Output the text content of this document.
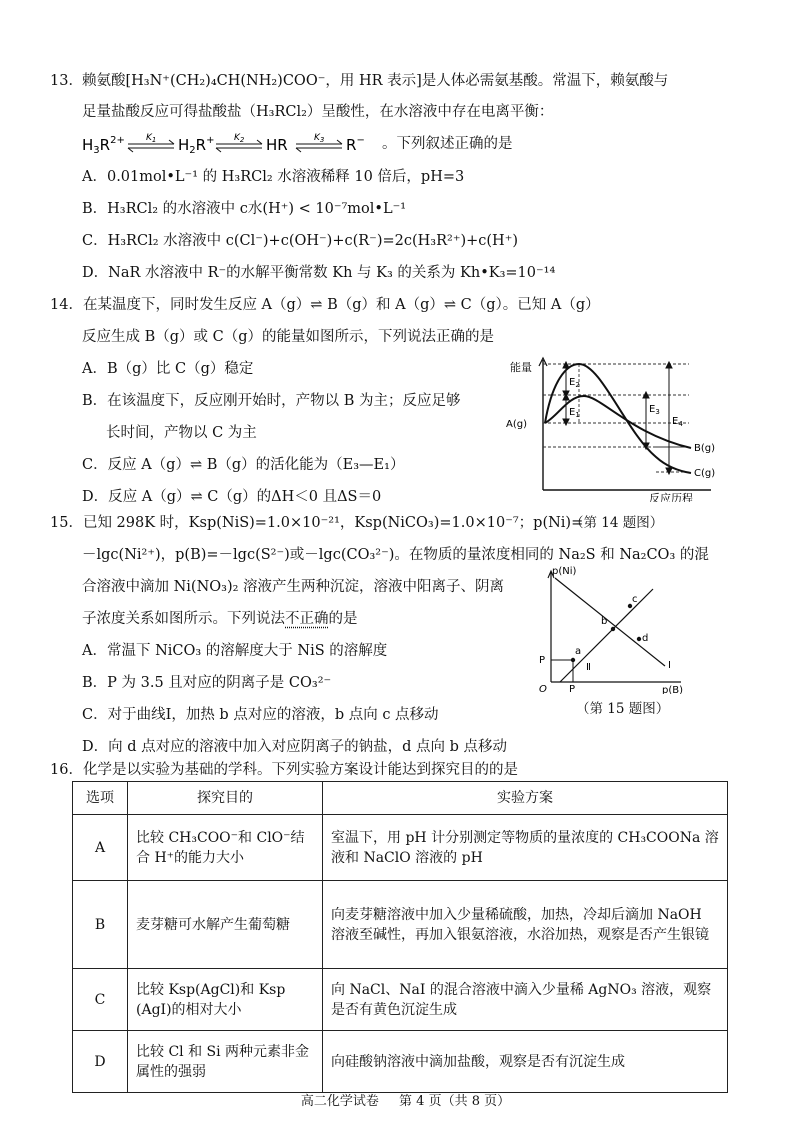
13． 赖氨酸[H₃N⁺(CH₂)₄CH(NH₂)COO⁻，用 HR 表示]是人体必需氨基酸。常温下，赖氨酸与
足量盐酸反应可得盐酸盐（H₃RCl₂）呈酸性，在水溶液中存在电离平衡：
$H_3R^{2+}$ $K_1$ $H_2R^+$ $K_2$ HR	$K_3$ R− 。下列叙述正确的是
A．0.01mol•L⁻¹ 的 H₃RCl₂ 水溶液稀释 10 倍后，pH=3
B．H₃RCl₂ 的水溶液中 c水(H⁺) < 10⁻⁷mol•L⁻¹
C．H₃RCl₂ 水溶液中 c(Cl⁻)+c(OH⁻)+c(R⁻)=2c(H₃R²⁺)+c(H⁺)
D．NaR 水溶液中 R⁻的水解平衡常数 Kh 与 K₃ 的关系为 Kh•K₃=10⁻¹⁴
14．在某温度下，同时发生反应 A（g）⇌ B（g）和 A（g）⇌ C（g）。已知 A（g）
反应生成 B（g）或 C（g）的能量如图所示，下列说法正确的是
A．B（g）比 C（g）稳定
B．在该温度下，反应刚开始时，产物以 B 为主；反应足够
长时间，产物以 C 为主
C．反应 A（g）⇌ B（g）的活化能为（E₃—E₁）
D．反应 A（g）⇌ C（g）的ΔH＜0 且ΔS＝0
能量
反应历程
$E_2$
$E_1$	$E_3$
$E_4$
A(g)
B(g)
C(g)
（第 14 题图）
15．已知 298K 时，Ksp(NiS)=1.0×10⁻²¹，Ksp(NiCO₃)=1.0×10⁻⁷；p(Ni)=
－lgc(Ni²⁺)，p(B)=－lgc(S²⁻)或－lgc(CO₃²⁻)。在物质的量浓度相同的 Na₂S 和 Na₂CO₃ 的混
合溶液中滴加 Ni(NO₃)₂ 溶液产生两种沉淀，溶液中阳离子、阴离
子浓度关系如图所示。下列说法不正确的是
A．常温下 NiCO₃ 的溶解度大于 NiS 的溶解度
B．P 为 3.5 且对应的阴离子是 CO₃²⁻
C．对于曲线Ⅰ，加热 b 点对应的溶液，b 点向 c 点移动
D．向 d 点对应的溶液中加入对应阴离子的钠盐，d 点向 b 点移动
p(Ni)
p(B)
O P
P
a
b
c
d
Ⅰ
Ⅱ
（第 15 题图）
16．化学是以实验为基础的学科。下列实验方案设计能达到探究目的的是
选项	探究目的	实验方案
A	比较 CH₃COO⁻和 ClO⁻结合 H⁺的能力大小	室温下，用 pH 计分别测定等物质的量浓度的 CH₃COONa 溶液和 NaClO 溶液的 pH
B	麦芽糖可水解产生葡萄糖	向麦芽糖溶液中加入少量稀硫酸，加热，冷却后滴加 NaOH 溶液至碱性，再加入银氨溶液，水浴加热，观察是否产生银镜
C	比较 Ksp(AgCl)和 Ksp (AgI)的相对大小	向 NaCl、NaI 的混合溶液中滴入少量稀 AgNO₃ 溶液，观察是否有黄色沉淀生成
D	比较 Cl 和 Si 两种元素非金属性的强弱	向硅酸钠溶液中滴加盐酸，观察是否有沉淀生成
高二化学试卷 第 4 页（共 8 页）
